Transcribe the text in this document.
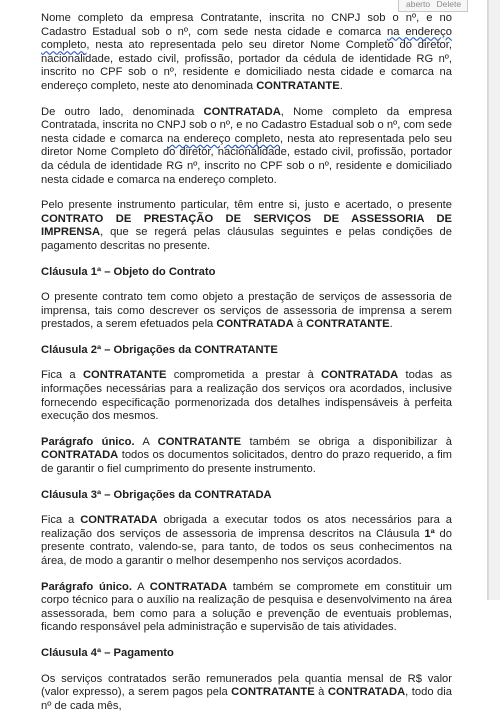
aberto Delete

Nome completo da empresa Contratante, inscrita no CNPJ sob o nº, e no Cadastro Estadual sob o nº, com sede nesta cidade e comarca na endereço completo, nesta ato representada pelo seu diretor Nome Completo do diretor, nacionalidade, estado civil, profissão, portador da cédula de identidade RG nº, inscrito no CPF sob o nº, residente e domiciliado nesta cidade e comarca na endereço completo, neste ato denominada CONTRATANTE.

De outro lado, denominada CONTRATADA, Nome completo da empresa Contratada, inscrita no CNPJ sob o nº, e no Cadastro Estadual sob o nº, com sede nesta cidade e comarca na endereço completo, nesta ato representada pelo seu diretor Nome Completo do diretor, nacionalidade, estado civil, profissão, portador da cédula de identidade RG nº, inscrito no CPF sob o nº, residente e domiciliado nesta cidade e comarca na endereço completo.

Pelo presente instrumento particular, têm entre si, justo e acertado, o presente CONTRATO DE PRESTAÇÃO DE SERVIÇOS DE ASSESSORIA DE IMPRENSA, que se regerá pelas cláusulas seguintes e pelas condições de pagamento descritas no presente.

Cláusula 1ª – Objeto do Contrato

O presente contrato tem como objeto a prestação de serviços de assessoria de imprensa, tais como descrever os serviços de assessoria de imprensa a serem prestados, a serem efetuados pela CONTRATADA à CONTRATANTE.

Cláusula 2ª – Obrigações da CONTRATANTE

Fica a CONTRATANTE comprometida a prestar à CONTRATADA todas as informações necessárias para a realização dos serviços ora acordados, inclusive fornecendo especificação pormenorizada dos detalhes indispensáveis à perfeita execução dos mesmos.

Parágrafo único. A CONTRATANTE também se obriga a disponibilizar à CONTRATADA todos os documentos solicitados, dentro do prazo requerido, a fim de garantir o fiel cumprimento do presente instrumento.

Cláusula 3ª – Obrigações da CONTRATADA

Fica a CONTRATADA obrigada a executar todos os atos necessários para a realização dos serviços de assessoria de imprensa descritos na Cláusula 1ª do presente contrato, valendo-se, para tanto, de todos os seus conhecimentos na área, de modo a garantir o melhor desempenho nos serviços acordados.

Parágrafo único. A CONTRATADA também se compromete em constituir um corpo técnico para o auxílio na realização de pesquisa e desenvolvimento na área assessorada, bem como para a solução e prevenção de eventuais problemas, ficando responsável pela administração e supervisão de tais atividades.

Cláusula 4ª – Pagamento

Os serviços contratados serão remunerados pela quantia mensal de R$ valor (valor expresso), a serem pagos pela CONTRATANTE à CONTRATADA, todo dia nº de cada mês,
